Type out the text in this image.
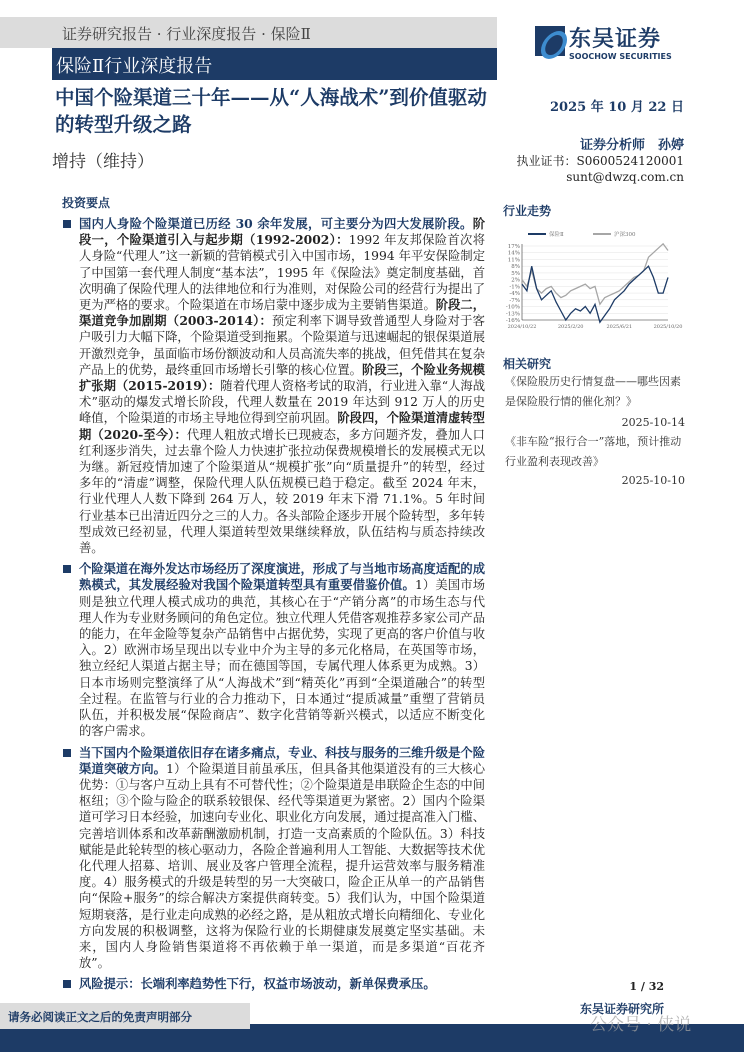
证券研究报告 · 行业深度报告 · 保险Ⅱ
保险Ⅱ行业深度报告
中国个险渠道三十年——从“人海战术”到价值驱动的转型升级之路
增持（维持）
东吴证券
SOOCHOW SECURITIES
2025 年 10 月 22 日
证券分析师　孙婷
执业证书：S0600524120001
sunt@dwzq.com.cn
投资要点
国内人身险个险渠道已历经 30 余年发展，可主要分为四大发展阶段。阶段一，个险渠道引入与起步期（1992-2002）：1992 年友邦保险首次将人身险“代理人”这一新颖的营销模式引入中国市场，1994 年平安保险制定了中国第一套代理人制度“基本法”，1995 年《保险法》奠定制度基础，首次明确了保险代理人的法律地位和行为准则，对保险公司的经营行为提出了更为严格的要求。个险渠道在市场启蒙中逐步成为主要销售渠道。阶段二，渠道竞争加剧期（2003-2014）：预定利率下调导致普通型人身险对于客户吸引力大幅下降，个险渠道受到拖累。个险渠道与迅速崛起的银保渠道展开激烈竞争，虽面临市场份额波动和人员高流失率的挑战，但凭借其在复杂产品上的优势，最终重回市场增长引擎的核心位置。阶段三，个险业务规模扩张期（2015-2019）：随着代理人资格考试的取消，行业进入靠“人海战术”驱动的爆发式增长阶段，代理人数量在 2019 年达到 912 万人的历史峰值，个险渠道的市场主导地位得到空前巩固。阶段四，个险渠道清虚转型期（2020-至今）：代理人粗放式增长已现疲态，多方问题齐发，叠加人口红利逐步消失，过去靠个险人力快速扩张拉动保费规模增长的发展模式无以为继。新冠疫情加速了个险渠道从“规模扩张”向“质量提升”的转型，经过多年的“清虚”调整，保险代理人队伍规模已趋于稳定。截至 2024 年末，行业代理人人数下降到 264 万人，较 2019 年末下滑 71.1%。5 年时间行业基本已出清近四分之三的人力。各头部险企逐步开展个险转型，多年转型成效已经初显，代理人渠道转型效果继续释放，队伍结构与质态持续改善。
个险渠道在海外发达市场经历了深度演进，形成了与当地市场高度适配的成熟模式，其发展经验对我国个险渠道转型具有重要借鉴价值。1）美国市场则是独立代理人模式成功的典范，其核心在于“产销分离”的市场生态与代理人作为专业财务顾问的角色定位。独立代理人凭借客观推荐多家公司产品的能力，在年金险等复杂产品销售中占据优势，实现了更高的客户价值与收入。2）欧洲市场呈现出以专业中介为主导的多元化格局，在英国等市场，独立经纪人渠道占据主导；而在德国等国，专属代理人体系更为成熟。3）日本市场则完整演绎了从“人海战术”到“精英化”再到“全渠道融合”的转型全过程。在监管与行业的合力推动下，日本通过“提质减量”重塑了营销员队伍，并积极发展“保险商店”、数字化营销等新兴模式，以适应不断变化的客户需求。
当下国内个险渠道依旧存在诸多痛点，专业、科技与服务的三维升级是个险渠道突破方向。1）个险渠道目前虽承压，但具备其他渠道没有的三大核心优势：①与客户互动上具有不可替代性；②个险渠道是串联险企生态的中间枢纽；③个险与险企的联系较银保、经代等渠道更为紧密。2）国内个险渠道可学习日本经验，加速向专业化、职业化方向发展，通过提高准入门槛、完善培训体系和改革薪酬激励机制，打造一支高素质的个险队伍。3）科技赋能是此轮转型的核心驱动力，各险企普遍利用人工智能、大数据等技术优化代理人招募、培训、展业及客户管理全流程，提升运营效率与服务精准度。4）服务模式的升级是转型的另一大突破口，险企正从单一的产品销售向“保险+服务”的综合解决方案提供商转变。5）我们认为，中国个险渠道短期衰落，是行业走向成熟的必经之路，是从粗放式增长向精细化、专业化方向发展的积极调整，这将为保险行业的长期健康发展奠定坚实基础。未来，国内人身险销售渠道将不再依赖于单一渠道，而是多渠道“百花齐放”。
风险提示：长端利率趋势性下行，权益市场波动，新单保费承压。
行业走势
17%
14%
11%
8%
5%
2%
-1%
-4%
-7%
-10%
-13%
-16%
2024/10/22	2025/2/20	2025/6/21	2025/10/20
保险Ⅱ	沪深300
相关研究
《保险股历史行情复盘——哪些因素是保险股行情的催化剂？》
2025-10-14
《非车险“报行合一”落地，预计推动行业盈利表现改善》
2025-10-10
1 / 32
东吴证券研究所
请务必阅读正文之后的免责声明部分	公众号 · 侠说
